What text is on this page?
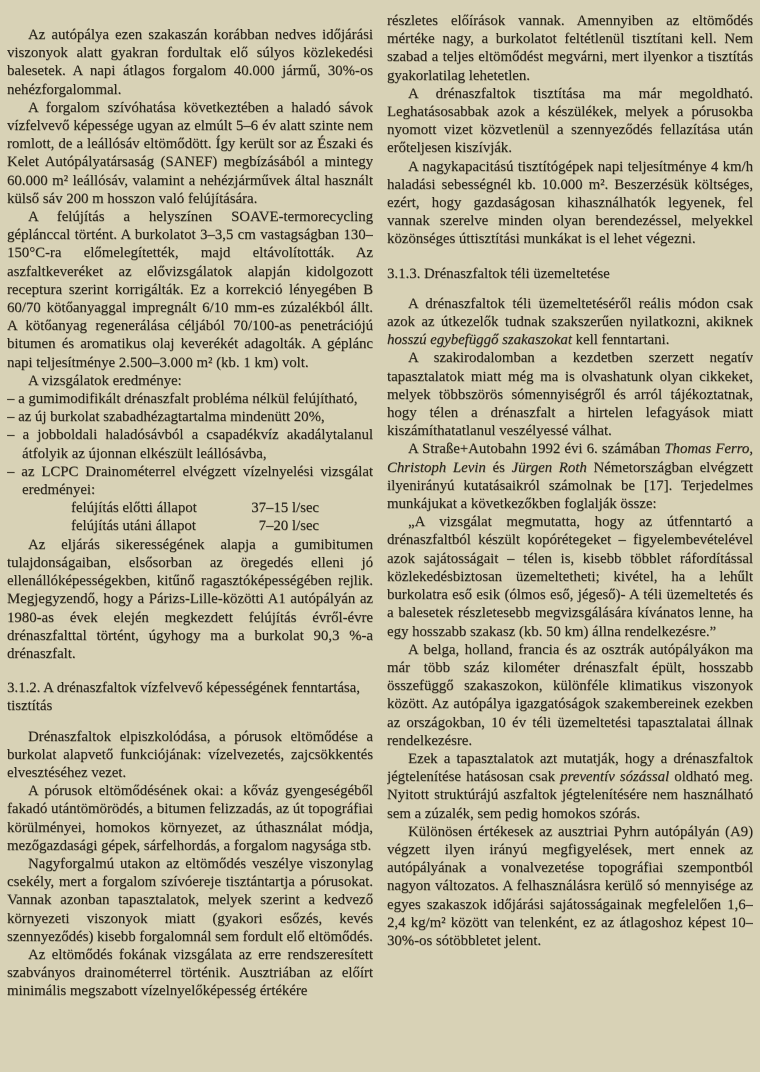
Az autópálya ezen szakaszán korábban nedves időjárási viszonyok alatt gyakran fordultak elő súlyos közlekedési balesetek. A napi átlagos forgalom 40.000 jármű, 30%-os nehézforgalommal.

A forgalom szívóhatása következtében a haladó sávok vízfelvevő képessége ugyan az elmúlt 5–6 év alatt szinte nem romlott, de a leállósáv eltömődött. Így került sor az Északi és Kelet Autópályatársaság (SANEF) megbízásából a mintegy 60.000 m² leállósáv, valamint a nehézjárművek által használt külső sáv 200 m hosszon való felújítására.

A felújítás a helyszínen SOAVE-termorecycling géplánccal történt. A burkolatot 3–3,5 cm vastagságban 130–150°C-ra előmelegítették, majd eltávolították. Az aszfaltkeveréket az elővizsgálatok alapján kidolgozott receptura szerint korrigálták. Ez a korrekció lényegében B 60/70 kötőanyaggal impregnált 6/10 mm-es zúzalékból állt. A kötőanyag regenerálása céljából 70/100-as penetrációjú bitumen és aromatikus olaj keverékét adagolták. A géplánc napi teljesítménye 2.500–3.000 m² (kb. 1 km) volt.

A vizsgálatok eredménye:

– a gumimodifikált drénaszfalt probléma nélkül felújítható,
– az új burkolat szabadhézagtartalma mindenütt 20%,
– a jobboldali haladósávból a csapadékvíz akadálytalanul átfolyik az újonnan elkészült leállósávba,
– az LCPC Drainométerrel elvégzett vízelnyelési vizsgálat eredményei:
felújítás előtti állapot	37–15 l/sec
felújítás utáni állapot	7–20 l/sec

Az eljárás sikerességének alapja a gumibitumen tulajdonságaiban, elsősorban az öregedés elleni jó ellenállóképességekben, kitűnő ragasztóképességében rejlik. Megjegyzendő, hogy a Párizs-Lille-közötti A1 autópályán az 1980-as évek elején megkezdett felújítás évről-évre drénaszfalttal történt, úgyhogy ma a burkolat 90,3 %-a drénaszfalt.

3.1.2. A drénaszfaltok vízfelvevő képességének fenntartása, tisztítás

Drénaszfaltok elpiszkolódása, a pórusok eltömődése a burkolat alapvető funkciójának: vízelvezetés, zajcsökkentés elvesztéséhez vezet.

A pórusok eltömődésének okai: a kőváz gyengeségéből fakadó utántömörödés, a bitumen felizzadás, az út topográfiai körülményei, homokos környezet, az úthasználat módja, mezőgazdasági gépek, sárfelhordás, a forgalom nagysága stb.

Nagyforgalmú utakon az eltömődés veszélye viszonylag csekély, mert a forgalom szívóereje tisztántartja a pórusokat. Vannak azonban tapasztalatok, melyek szerint a kedvező környezeti viszonyok miatt (gyakori esőzés, kevés szennyeződés) kisebb forgalomnál sem fordult elő eltömődés.

Az eltömődés fokának vizsgálata az erre rendszeresített szabványos drainométerrel történik. Ausztriában az előírt minimális megszabott vízelnyelőképesség értékére

részletes előírások vannak. Amennyiben az eltömődés mértéke nagy, a burkolatot feltétlenül tisztítani kell. Nem szabad a teljes eltömődést megvárni, mert ilyenkor a tisztítás gyakorlatilag lehetetlen.

A drénaszfaltok tisztítása ma már megoldható. Leghatásosabbak azok a készülékek, melyek a pórusokba nyomott vizet közvetlenül a szennyeződés fellazítása után erőteljesen kiszívják.

A nagykapacitású tisztítógépek napi teljesítménye 4 km/h haladási sebességnél kb. 10.000 m². Beszerzésük költséges, ezért, hogy gazdaságosan kihasználhatók legyenek, fel vannak szerelve minden olyan berendezéssel, melyekkel közönséges úttisztítási munkákat is el lehet végezni.

3.1.3. Drénaszfaltok téli üzemeltetése

A drénaszfaltok téli üzemeltetéséről reális módon csak azok az útkezelők tudnak szakszerűen nyilatkozni, akiknek hosszú egybefüggő szakaszokat kell fenntartani.

A szakirodalomban a kezdetben szerzett negatív tapasztalatok miatt még ma is olvashatunk olyan cikkeket, melyek többszörös sómennyiségről és arról tájékoztatnak, hogy télen a drénaszfalt a hirtelen lefagyások miatt kiszámíthatatlanul veszélyessé válhat.

A Straße+Autobahn 1992 évi 6. számában Thomas Ferro, Christoph Levin és Jürgen Roth Németországban elvégzett ilyenirányú kutatásaikról számolnak be [17]. Terjedelmes munkájukat a következőkben foglalják össze:

„A vizsgálat megmutatta, hogy az útfenntartó a drénaszfaltból készült kopórétegeket – figyelembevételével azok sajátosságait – télen is, kisebb többlet ráfordítással közlekedésbiztosan üzemeltetheti; kivétel, ha a lehűlt burkolatra eső esik (ólmos eső, jégeső)- A téli üzemeltetés és a balesetek részletesebb megvizsgálására kívánatos lenne, ha egy hosszabb szakasz (kb. 50 km) állna rendelkezésre.”

A belga, holland, francia és az osztrák autópályákon ma már több száz kilométer drénaszfalt épült, hosszabb összefüggő szakaszokon, különféle klimatikus viszonyok között. Az autópálya igazgatóságok szakembereinek ezekben az országokban, 10 év téli üzemeltetési tapasztalatai állnak rendelkezésre.

Ezek a tapasztalatok azt mutatják, hogy a drénaszfaltok jégtelenítése hatásosan csak preventív sózással oldható meg. Nyitott struktúrájú aszfaltok jégtelenítésére nem használható sem a zúzalék, sem pedig homokos szórás.

Különösen értékesek az ausztriai Pyhrn autópályán (A9) végzett ilyen irányú megfigyelések, mert ennek az autópályának a vonalvezetése topográfiai szempontból nagyon változatos. A felhasználásra kerülő só mennyisége az egyes szakaszok időjárási sajátosságainak megfelelően 1,6–2,4 kg/m² között van telenként, ez az átlagoshoz képest 10–30%-os sótöbbletet jelent.
